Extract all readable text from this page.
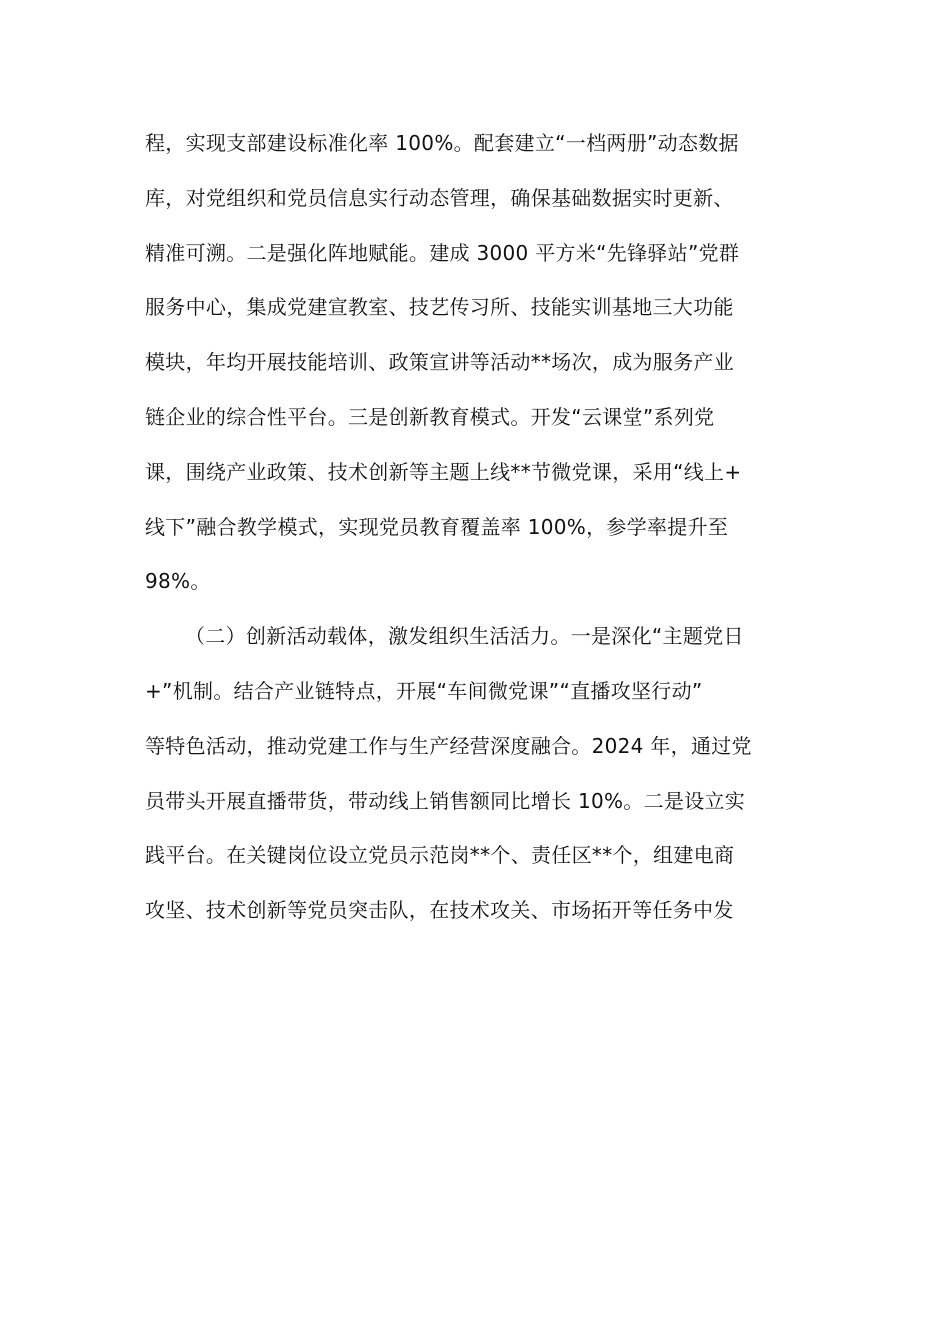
程，实现支部建设标准化率 100%。配套建立“一档两册”动态数据
库，对党组织和党员信息实行动态管理，确保基础数据实时更新、
精准可溯。二是强化阵地赋能。建成 3000 平方米“先锋驿站”党群
服务中心，集成党建宣教室、技艺传习所、技能实训基地三大功能
模块，年均开展技能培训、政策宣讲等活动**场次，成为服务产业
链企业的综合性平台。三是创新教育模式。开发“云课堂”系列党
课，围绕产业政策、技术创新等主题上线**节微党课，采用“线上+
线下”融合教学模式，实现党员教育覆盖率 100%，参学率提升至
98%。
（二）创新活动载体，激发组织生活活力。一是深化“主题党日
+”机制。结合产业链特点，开展“车间微党课”“直播攻坚行动”
等特色活动，推动党建工作与生产经营深度融合。2024 年，通过党
员带头开展直播带货，带动线上销售额同比增长 10%。二是设立实
践平台。在关键岗位设立党员示范岗**个、责任区**个，组建电商
攻坚、技术创新等党员突击队，在技术攻关、市场拓开等任务中发
